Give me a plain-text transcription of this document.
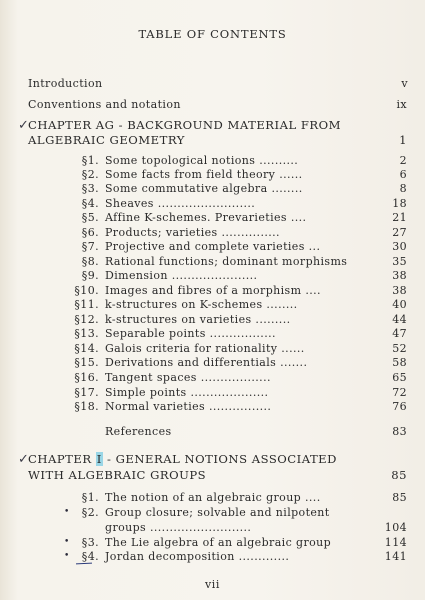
TABLE OF CONTENTS
Introduction	v
Conventions and notation	ix
✓
CHAPTER AG - BACKGROUND MATERIAL FROM
ALGEBRAIC GEOMETRY	1
§1. Some topological notions ..........	2
§2. Some facts from field theory ......	6
§3. Some commutative algebra ........	8
§4. Sheaves .........................	18
§5. Affine K-schemes. Prevarieties ....	21
§6. Products; varieties ...............	27
§7. Projective and complete varieties ...	30
§8. Rational functions; dominant morphisms	35
§9. Dimension ......................	38
§10. Images and fibres of a morphism ....	38
§11. k-structures on K-schemes ........	40
§12. k-structures on varieties .........	44
§13. Separable points .................	47
§14. Galois criteria for rationality ......	52
§15. Derivations and differentials .......	58
§16. Tangent spaces ..................	65
§17. Simple points ....................	72
§18. Normal varieties ................	76
References	83
✓
CHAPTER I - GENERAL NOTIONS ASSOCIATED
WITH ALGEBRAIC GROUPS	85
§1. The notion of an algebraic group ....	85
•	§2. Group closure; solvable and nilpotent
groups ..........................	104
•	§3. The Lie algebra of an algebraic group	114
•	§4. Jordan decomposition .............	141
vii
